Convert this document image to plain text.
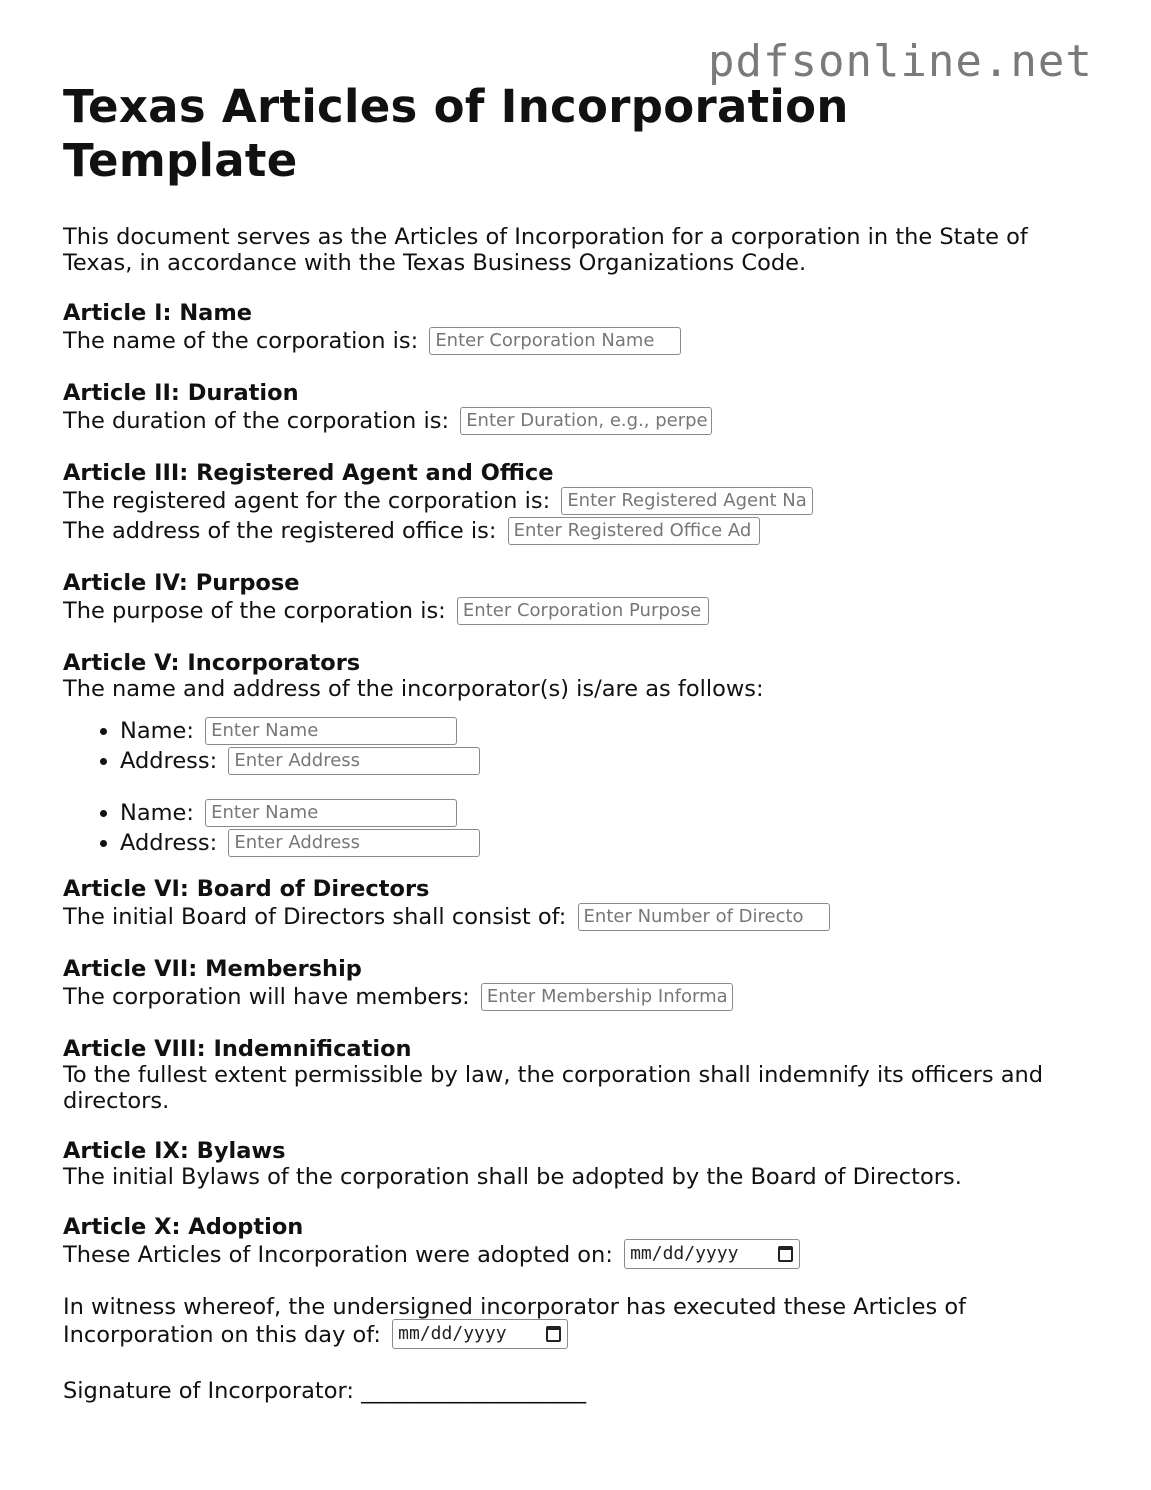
pdfsonline.net
Texas Articles of Incorporation Template

This document serves as the Articles of Incorporation for a corporation in the State of Texas, in accordance with the Texas Business Organizations Code.

Article I: Name
The name of the corporation is: Enter Corporation Name
Article II: Duration
The duration of the corporation is: Enter Duration, e.g., perpe
Article III: Registered Agent and Office
The registered agent for the corporation is: Enter Registered Agent Na
The address of the registered office is: Enter Registered Office Ad
Article IV: Purpose
The purpose of the corporation is: Enter Corporation Purpose
Article V: Incorporators

The name and address of the incorporator(s) is/are as follows:

• Name: Enter Name
• Address: Enter Address
• Name: Enter Name
• Address: Enter Address
Article VI: Board of Directors
The initial Board of Directors shall consist of: Enter Number of Directo
Article VII: Membership
The corporation will have members: Enter Membership Informa
Article VIII: Indemnification

To the fullest extent permissible by law, the corporation shall indemnify its officers and directors.

Article IX: Bylaws

The initial Bylaws of the corporation shall be adopted by the Board of Directors.

Article X: Adoption
These Articles of Incorporation were adopted on: mm/dd/yyyy

In witness whereof, the undersigned incorporator has executed these Articles of

Incorporation on this day of: mm/dd/yyyy

Signature of Incorporator: ____________________
